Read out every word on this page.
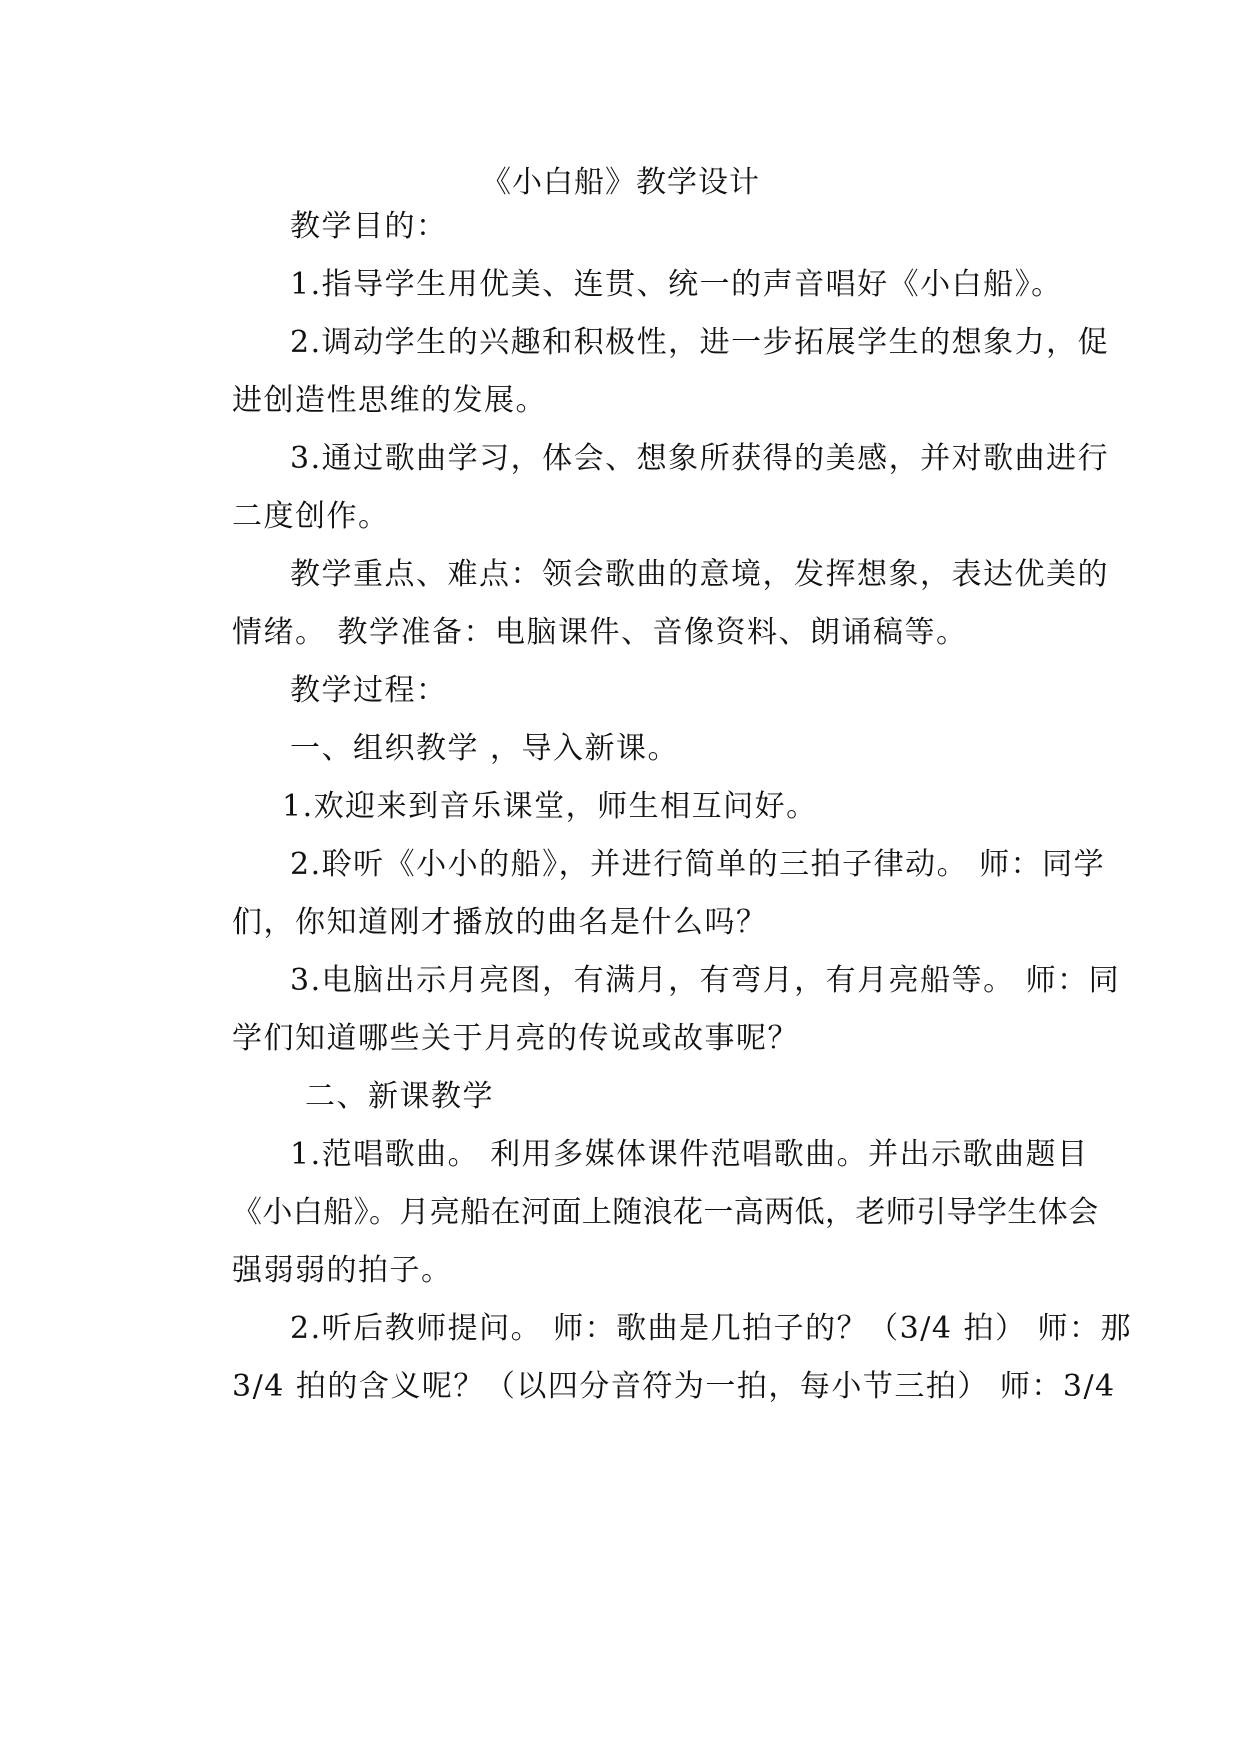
《小白船》教学设计
教学目的：
1.指导学生用优美、连贯、统一的声音唱好《小白船》。
2.调动学生的兴趣和积极性，进一步拓展学生的想象力，促
进创造性思维的发展。
3.通过歌曲学习，体会、想象所获得的美感，并对歌曲进行
二度创作。
教学重点、难点：领会歌曲的意境，发挥想象，表达优美的
情绪。 教学准备：电脑课件、音像资料、朗诵稿等。
教学过程：
一、组织教学 ，导入新课。
1.欢迎来到音乐课堂，师生相互问好。
2.聆听《小小的船》，并进行简单的三拍子律动。 师：同学
们，你知道刚才播放的曲名是什么吗？
3.电脑出示月亮图，有满月，有弯月，有月亮船等。 师：同
学们知道哪些关于月亮的传说或故事呢？
二、新课教学
1.范唱歌曲。 利用多媒体课件范唱歌曲。并出示歌曲题目
《小白船》。月亮船在河面上随浪花一高两低，老师引导学生体会
强弱弱的拍子。
2.听后教师提问。 师：歌曲是几拍子的？（3/4 拍） 师：那
3/4 拍的含义呢？（以四分音符为一拍，每小节三拍） 师：3/4
